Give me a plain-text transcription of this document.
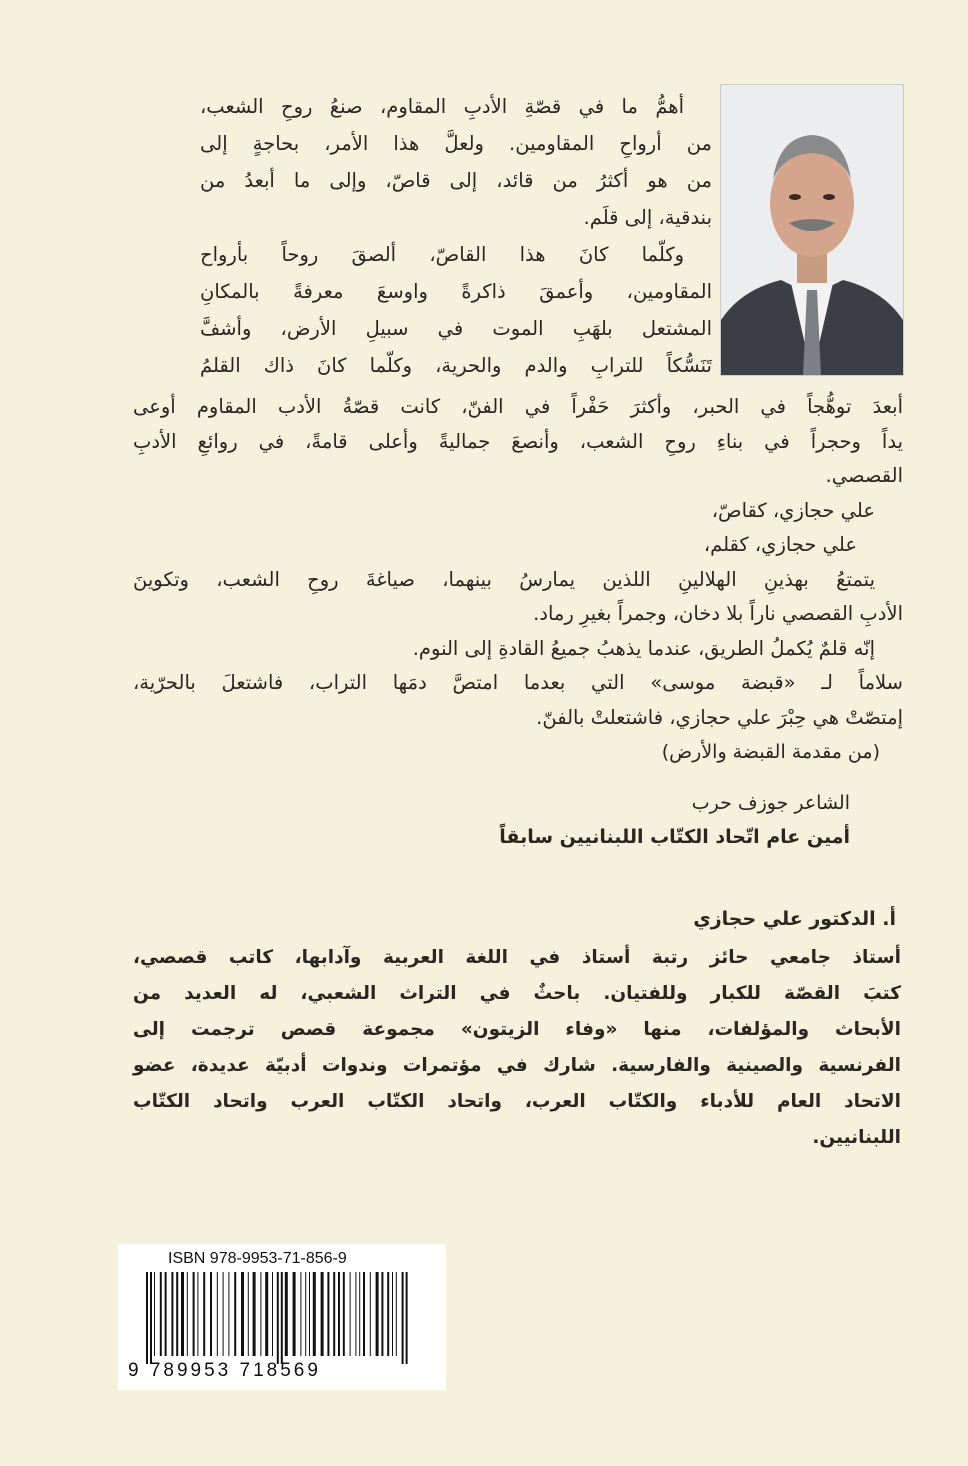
أهمُّ ما في قصّةِ الأدبِ المقاوم، صنعُ روحِ الشعب،
من أرواحِ المقاومين. ولعلَّ هذا الأمر، بحاجةٍ إلى
من هو أكثرُ من قائد، إلى قاصّ، وإلى ما أبعدُ من
بندقية، إلى قلَم.
وكلّما كانَ هذا القاصّ، ألصقَ روحاً بأرواح
المقاومين، وأعمقَ ذاكرةً واوسعَ معرفةً بالمكانِ
المشتعل بلهَبِ الموت في سبيلِ الأرض، وأشفَّ
تَنَسُّكاً للترابِ والدم والحرية، وكلّما كانَ ذاك القلمُ
أبعدَ توهُّجاً في الحبر، وأكثرَ حَفْراً في الفنّ، كانت قصّةُ الأدب المقاوم أوعى
يداً وحجراً في بناءِ روحِ الشعب، وأنصعَ جماليةً وأعلى قامةً، في روائعِ الأدبِ
القصصي.
علي حجازي، كقاصّ،
علي حجازي، كقلم،
يتمتعُ بهذينِ الهلالينِ اللذين يمارسُ بينهما، صياغةَ روحِ الشعب، وتكوينَ
الأدبِ القصصي ناراً بلا دخان، وجمراً بغيرِ رماد.
إنّه قلمٌ يُكملُ الطريق، عندما يذهبُ جميعُ القادةِ إلى النوم.
سلاماً لـ «قبضة موسى» التي بعدما امتصَّ دمَها التراب، فاشتعلَ بالحرّية،
إمتصّتْ هي حِبْرَ علي حجازي، فاشتعلتْ بالفنّ.
(من مقدمة القبضة والأرض)
الشاعر جوزف حرب
أمين عام اتّحاد الكتّاب اللبنانيين سابقاً
أ. الدكتور علي حجازي
أستاذ جامعي حائز رتبة أستاذ في اللغة العربية وآدابها، كاتب قصصي،
كتبَ القصّة للكبار وللفتيان. باحثٌ في التراث الشعبي، له العديد من
الأبحاث والمؤلفات، منها «وفاء الزيتون» مجموعة قصص ترجمت إلى
الفرنسية والصينية والفارسية. شارك في مؤتمرات وندوات أدبيّة عديدة، عضو
الاتحاد العام للأدباء والكتّاب العرب، واتحاد الكتّاب العرب واتحاد الكتّاب
اللبنانيين.
ISBN 978-9953-71-856-9
9 789953 718569
